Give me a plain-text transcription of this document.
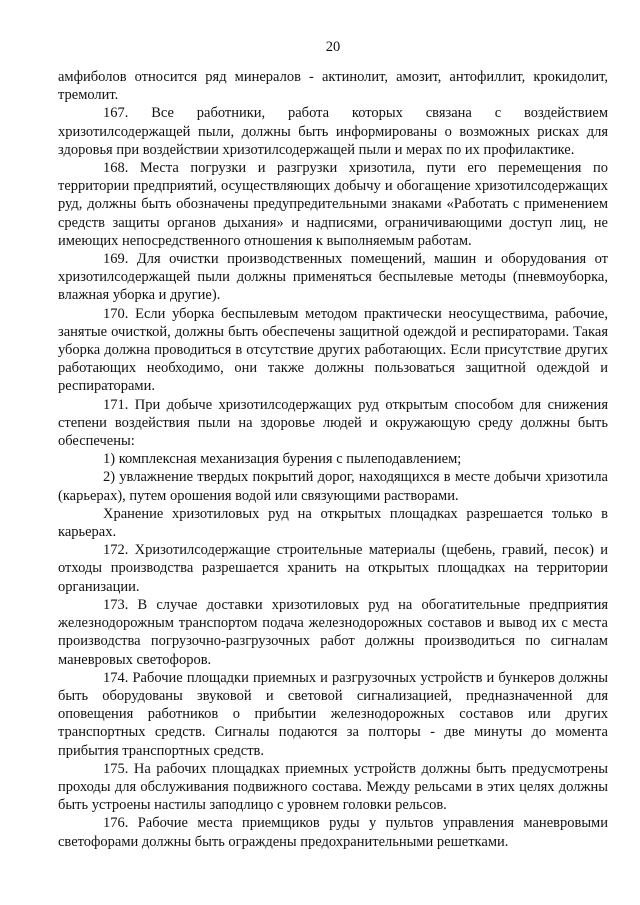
20

амфиболов относится ряд минералов - актинолит, амозит, антофиллит, крокидолит, тремолит.

167. Все работники, работа которых связана с воздействием хризотилсодержащей пыли, должны быть информированы о возможных рисках для здоровья при воздействии хризотилсодержащей пыли и мерах по их профилактике.

168. Места погрузки и разгрузки хризотила, пути его перемещения по территории предприятий, осуществляющих добычу и обогащение хризотилсодержащих руд, должны быть обозначены предупредительными знаками «Работать с применением средств защиты органов дыхания» и надписями, ограничивающими доступ лиц, не имеющих непосредственного отношения к выполняемым работам.

169. Для очистки производственных помещений, машин и оборудования от хризотилсодержащей пыли должны применяться беспылевые методы (пневмоуборка, влажная уборка и другие).

170. Если уборка беспылевым методом практически неосуществима, рабочие, занятые очисткой, должны быть обеспечены защитной одеждой и респираторами. Такая уборка должна проводиться в отсутствие других работающих. Если присутствие других работающих необходимо, они также должны пользоваться защитной одеждой и респираторами.

171. При добыче хризотилсодержащих руд открытым способом для снижения степени воздействия пыли на здоровье людей и окружающую среду должны быть обеспечены:

1) комплексная механизация бурения с пылеподавлением;

2) увлажнение твердых покрытий дорог, находящихся в месте добычи хризотила (карьерах), путем орошения водой или связующими растворами.

Хранение хризотиловых руд на открытых площадках разрешается только в карьерах.

172. Хризотилсодержащие строительные материалы (щебень, гравий, песок) и отходы производства разрешается хранить на открытых площадках на территории организации.

173. В случае доставки хризотиловых руд на обогатительные предприятия железнодорожным транспортом подача железнодорожных составов и вывод их с места производства погрузочно-разгрузочных работ должны производиться по сигналам маневровых светофоров.

174. Рабочие площадки приемных и разгрузочных устройств и бункеров должны быть оборудованы звуковой и световой сигнализацией, предназначенной для оповещения работников о прибытии железнодорожных составов или других транспортных средств. Сигналы подаются за полторы - две минуты до момента прибытия транспортных средств.

175. На рабочих площадках приемных устройств должны быть предусмотрены проходы для обслуживания подвижного состава. Между рельсами в этих целях должны быть устроены настилы заподлицо с уровнем головки рельсов.

176. Рабочие места приемщиков руды у пультов управления маневровыми светофорами должны быть ограждены предохранительными решетками.
